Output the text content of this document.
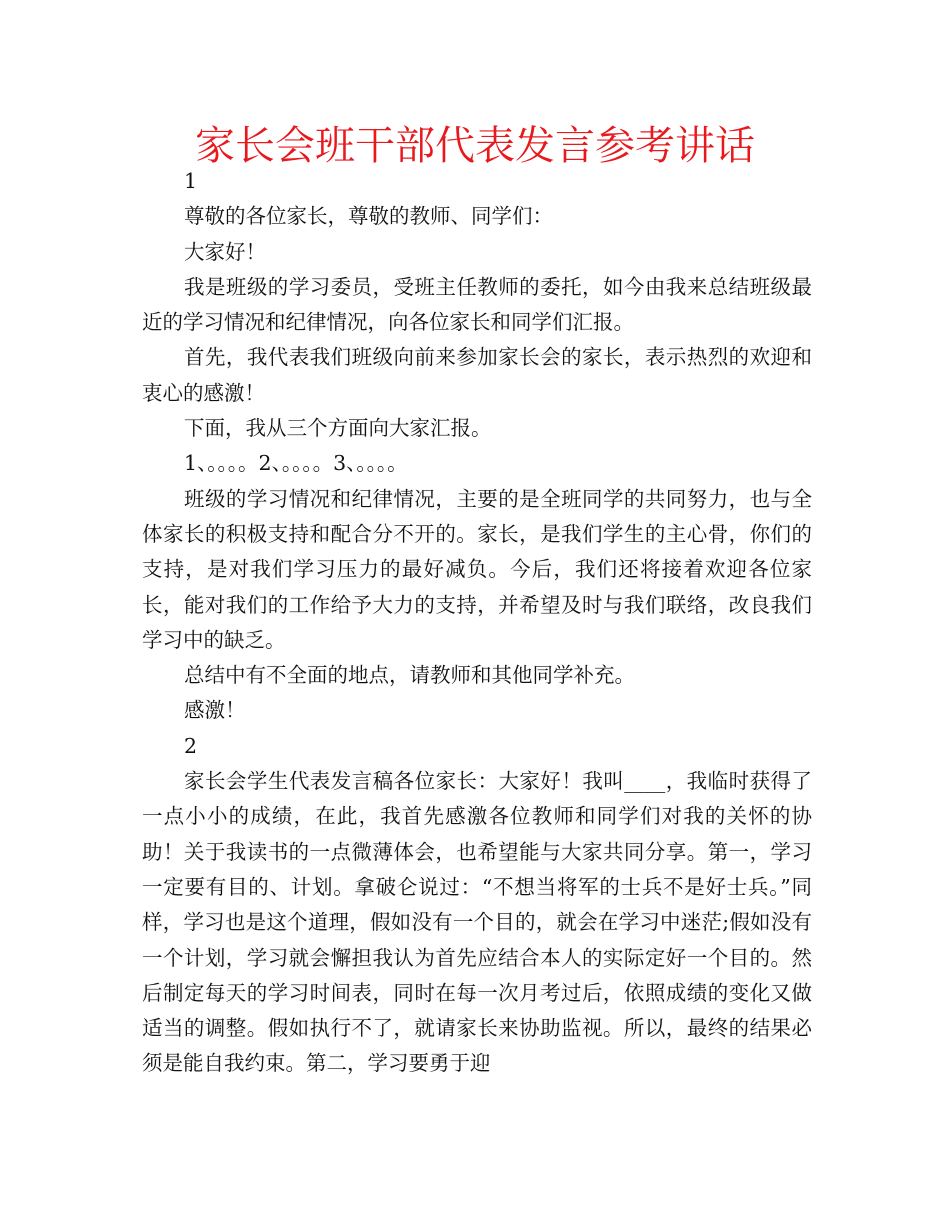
家长会班干部代表发言参考讲话

1

尊敬的各位家长，尊敬的教师、同学们：

大家好！

我是班级的学习委员，受班主任教师的委托，如今由我来总结班级最近的学习情况和纪律情况，向各位家长和同学们汇报。

首先，我代表我们班级向前来参加家长会的家长，表示热烈的欢迎和衷心的感激！

下面，我从三个方面向大家汇报。

1、。。。。2、。。。。3、。。。。

班级的学习情况和纪律情况，主要的是全班同学的共同努力，也与全体家长的积极支持和配合分不开的。家长，是我们学生的主心骨，你们的支持，是对我们学习压力的最好减负。今后，我们还将接着欢迎各位家长，能对我们的工作给予大力的支持，并希望及时与我们联络，改良我们学习中的缺乏。

总结中有不全面的地点，请教师和其他同学补充。

感激！

2

家长会学生代表发言稿各位家长：大家好！我叫____，我临时获得了一点小小的成绩，在此，我首先感激各位教师和同学们对我的关怀的协助！关于我读书的一点微薄体会，也希望能与大家共同分享。第一，学习一定要有目的、计划。拿破仑说过：“不想当将军的士兵不是好士兵。”同样，学习也是这个道理，假如没有一个目的，就会在学习中迷茫;假如没有一个计划，学习就会懈担我认为首先应结合本人的实际定好一个目的。然后制定每天的学习时间表，同时在每一次月考过后，依照成绩的变化又做适当的调整。假如执行不了，就请家长来协助监视。所以，最终的结果必须是能自我约束。第二，学习要勇于迎
